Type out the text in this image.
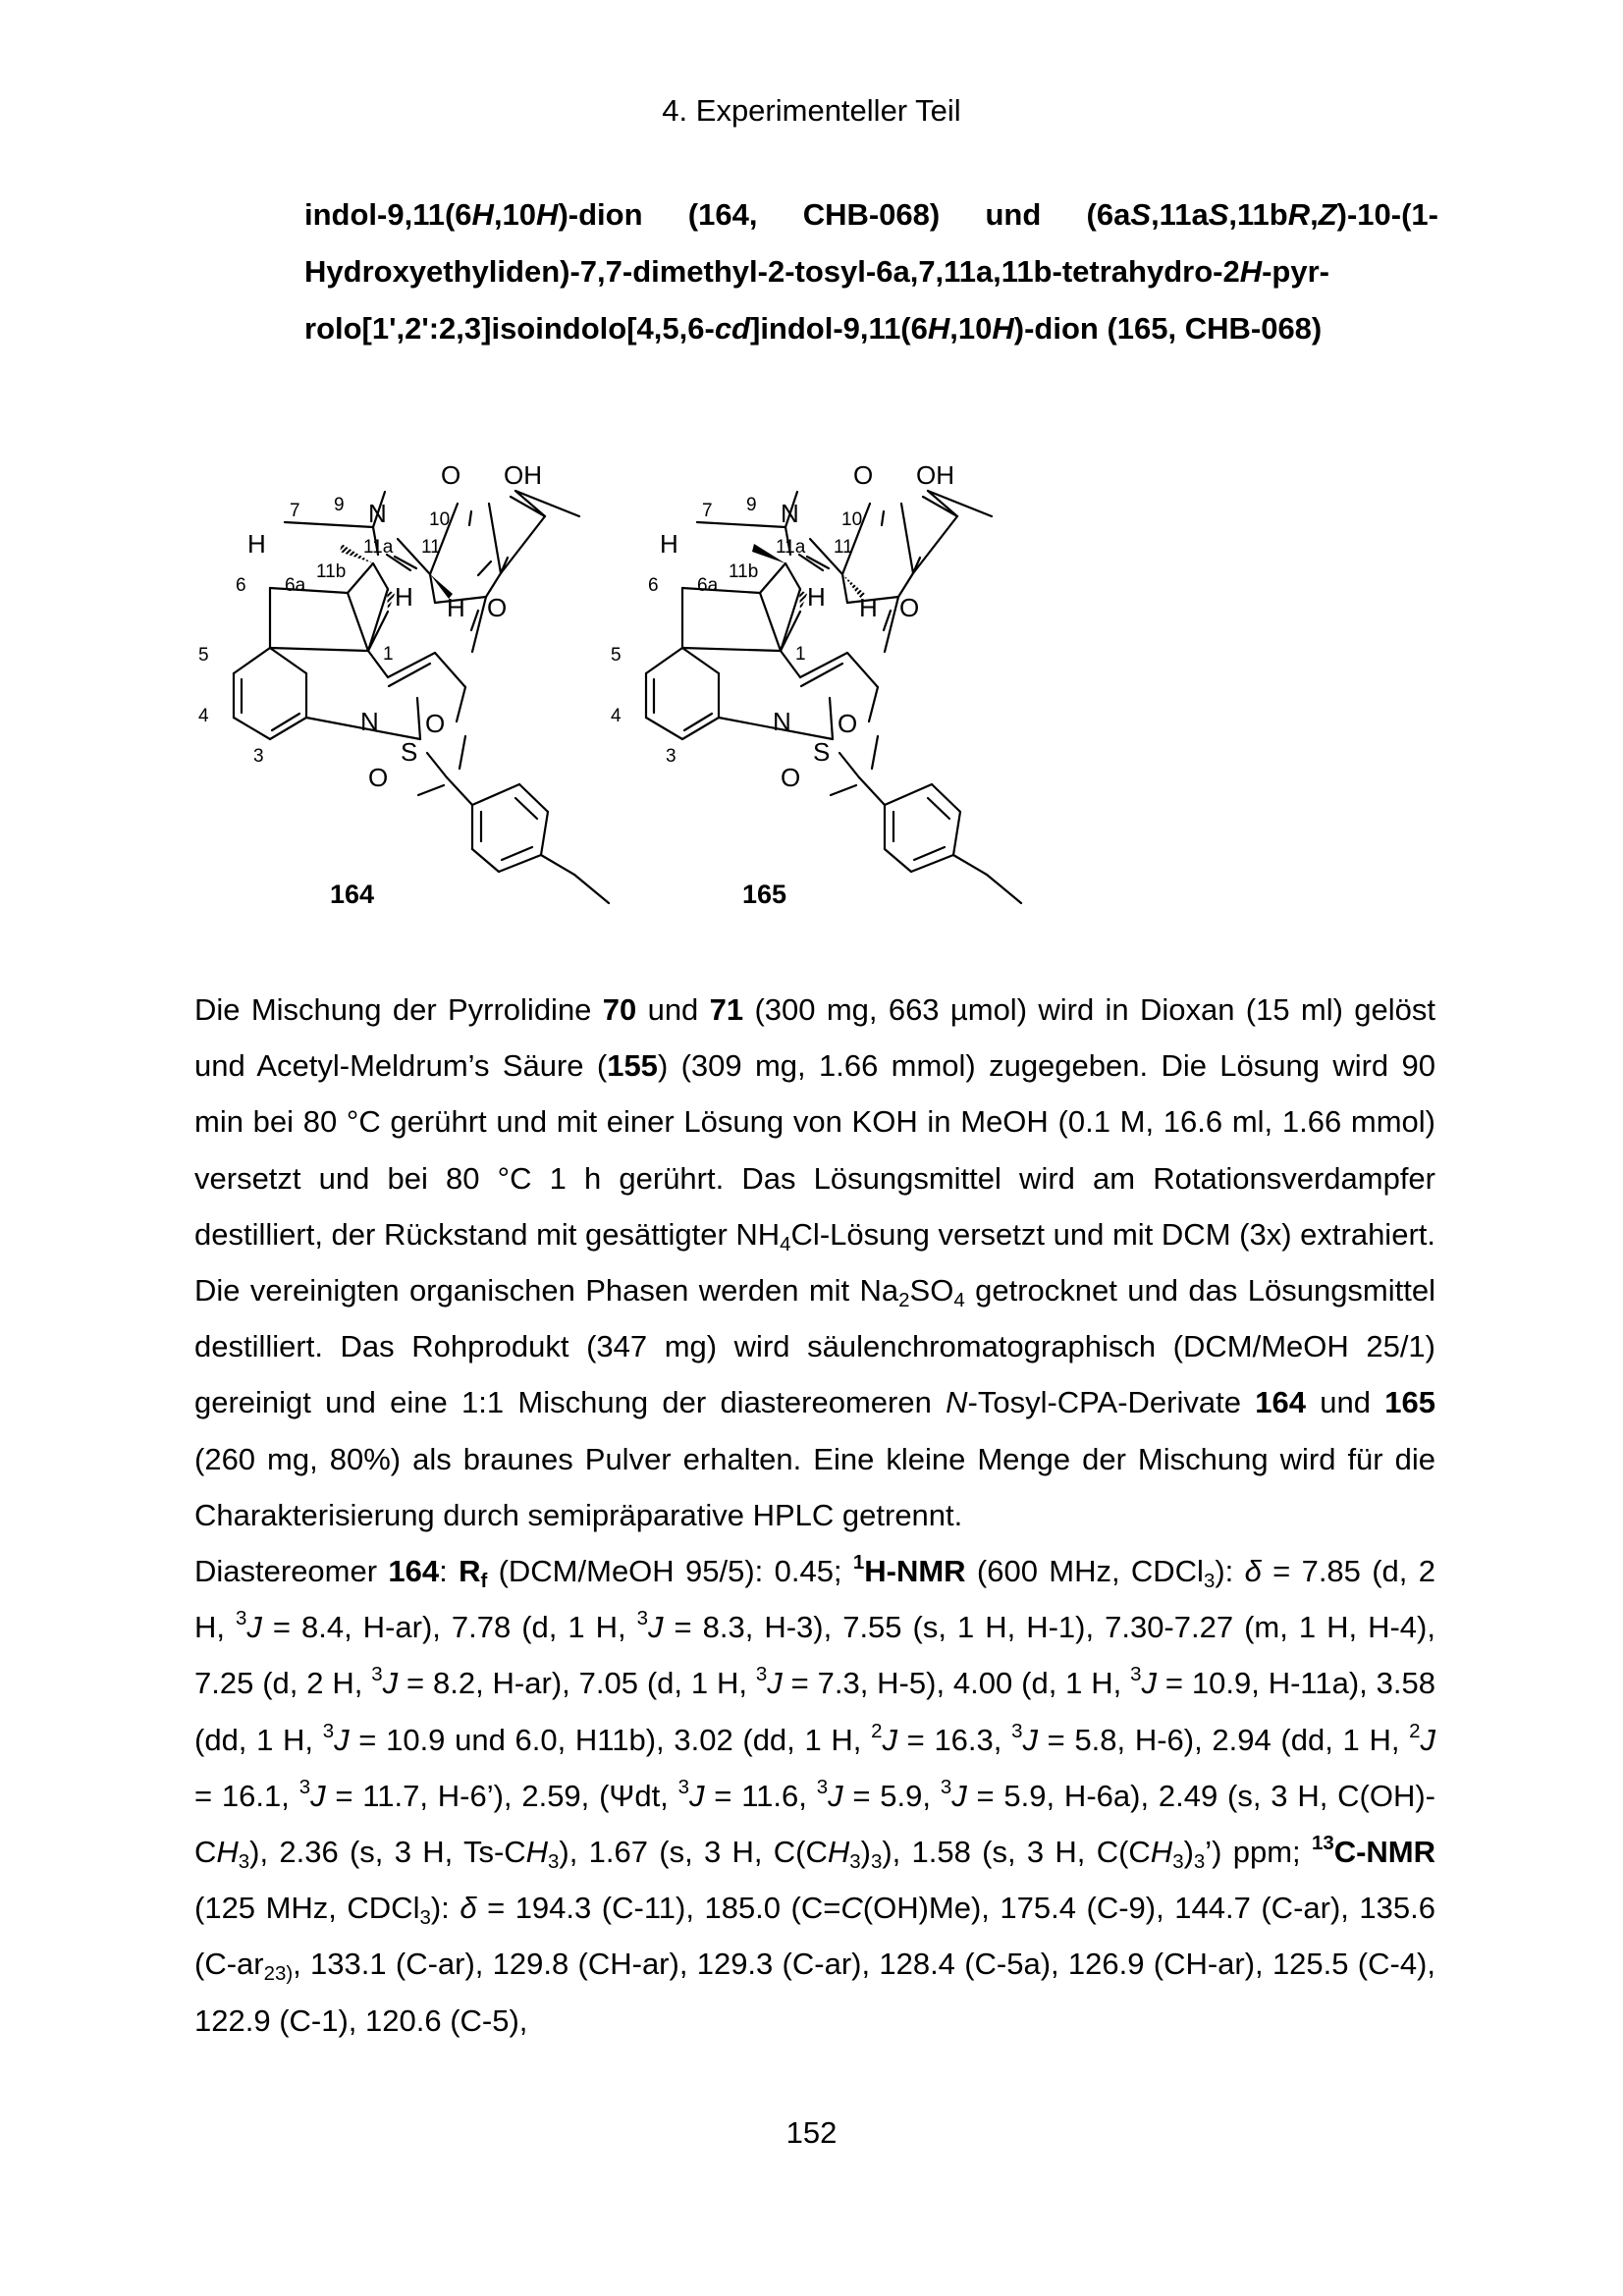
4. Experimenteller Teil
indol-9,11(6H,10H)-dion (164, CHB-068) und (6aS,11aS,11bR,Z)-10-(1-Hydroxyethyliden)-7,7-dimethyl-2-tosyl-6a,7,11a,11b-tetrahydro-2H-pyrrolo[1',2':2,3]isoindolo[4,5,6-cd]indol-9,11(6H,10H)-dion (165, CHB-068)
O OH
N
H
H H O
N
S
O
O
7 9
10
11a 11
6 6a
11b
1
5
4
3
164
O OH
N
H
H H O
N
S
O
O
7 9
10
11a 11
6 6a
11b
1
5
4
3
165

Die Mischung der Pyrrolidine 70 und 71 (300 mg, 663 µmol) wird in Dioxan (15 ml) gelöst und Acetyl-Meldrum’s Säure (155) (309 mg, 1.66 mmol) zugegeben. Die Lösung wird 90 min bei 80 °C gerührt und mit einer Lösung von KOH in MeOH (0.1 M, 16.6 ml, 1.66 mmol) versetzt und bei 80 °C 1 h gerührt. Das Lösungsmittel wird am Rotationsverdampfer destilliert, der Rückstand mit gesättigter $NH_4Cl$-Lösung versetzt und mit DCM (3x) extrahiert. Die vereinigten organischen Phasen werden mit $Na_2SO_4$ getrocknet und das Lösungsmittel destilliert. Das Rohprodukt (347 mg) wird säulenchromatographisch (DCM/MeOH 25/1) gereinigt und eine 1:1 Mischung der diastereomeren N-Tosyl-CPA-Derivate 164 und 165 (260 mg, 80%) als braunes Pulver erhalten. Eine kleine Menge der Mischung wird für die Charakterisierung durch semipräparative HPLC getrennt.

Diastereomer 164: $R_f$ (DCM/MeOH 95/5): 0.45; $^1$H-NMR (600 MHz, CDCl$_3$): δ = 7.85 (d, 2 H, $^3$J = 8.4, H-ar), 7.78 (d, 1 H, $^3$J = 8.3, H-3), 7.55 (s, 1 H, H-1), 7.30-7.27 (m, 1 H, H-4), 7.25 (d, 2 H, $^3$J = 8.2, H-ar), 7.05 (d, 1 H, $^3$J = 7.3, H-5), 4.00 (d, 1 H, $^3$J = 10.9, H-11a), 3.58 (dd, 1 H, $^3$J = 10.9 und 6.0, H11b), 3.02 (dd, 1 H, $^2$J = 16.3, $^3$J = 5.8, H-6), 2.94 (dd, 1 H, $^2$J = 16.1, $^3$J = 11.7, H-6’), 2.59, (Ψdt, $^3$J = 11.6, $^3$J = 5.9, $^3$J = 5.9, H-6a), 2.49 (s, 3 H, $C(OH)-CH_3$), 2.36 (s, 3 H, $Ts-CH_3$), 1.67 (s, 3 H, $C(CH_3)_3$), 1.58 (s, 3 H, $C(CH_3)_3$’) ppm; $^{13}$C-NMR (125 MHz, CDCl$_3$): δ = 194.3 (C-11), 185.0 (C=C(OH)Me), 175.4 (C-9), 144.7 (C-ar), 135.6 ($C-ar_{23)}$, 133.1 (C-ar), 129.8 (CH-ar), 129.3 (C-ar), 128.4 (C-5a), 126.9 (CH-ar), 125.5 (C-4), 122.9 (C-1), 120.6 (C-5),

152
